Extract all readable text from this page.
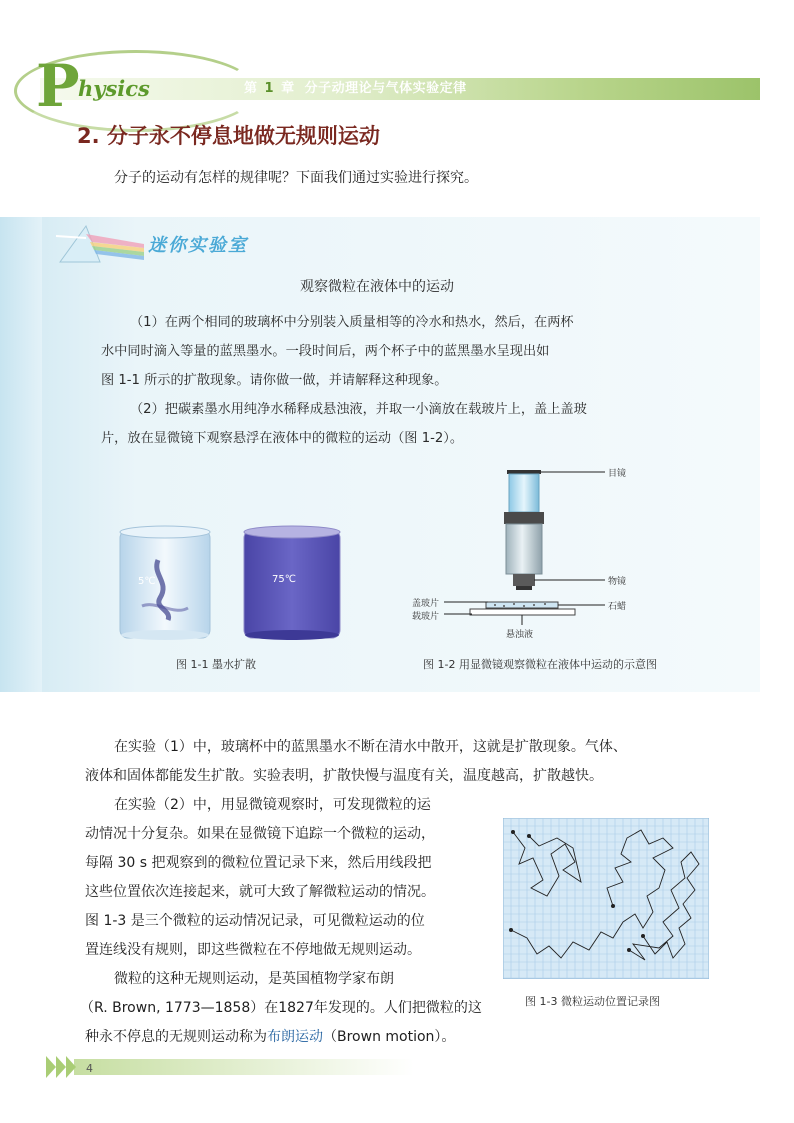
P
hysics	第 1 章 分子动理论与气体实验定律
2. 分子永不停息地做无规则运动

分子的运动有怎样的规律呢？下面我们通过实验进行探究。

迷你实验室
观察微粒在液体中的运动

（1）在两个相同的玻璃杯中分别装入质量相等的冷水和热水，然后，在两杯

水中同时滴入等量的蓝黑墨水。一段时间后，两个杯子中的蓝黑墨水呈现出如

图 1-1 所示的扩散现象。请你做一做，并请解释这种现象。

（2）把碳素墨水用纯净水稀释成悬浊液，并取一小滴放在载玻片上，盖上盖玻

片，放在显微镜下观察悬浮在液体中的微粒的运动（图 1-2）。

5℃	75℃
图 1-1 墨水扩散
目镜
物镜
石蜡
盖玻片
载玻片
悬浊液
图 1-2 用显微镜观察微粒在液体中运动的示意图

在实验（1）中，玻璃杯中的蓝黑墨水不断在清水中散开，这就是扩散现象。气体、

液体和固体都能发生扩散。实验表明，扩散快慢与温度有关，温度越高，扩散越快。

在实验（2）中，用显微镜观察时，可发现微粒的运

动情况十分复杂。如果在显微镜下追踪一个微粒的运动，

每隔 30 s 把观察到的微粒位置记录下来，然后用线段把

这些位置依次连接起来，就可大致了解微粒运动的情况。

图 1-3 是三个微粒的运动情况记录，可见微粒运动的位

置连线没有规则，即这些微粒在不停地做无规则运动。

微粒的这种无规则运动，是英国植物学家布朗

（R. Brown, 1773—1858）在1827年发现的。人们把微粒的这

种永不停息的无规则运动称为布朗运动（Brown motion）。

图 1-3 微粒运动位置记录图
4
